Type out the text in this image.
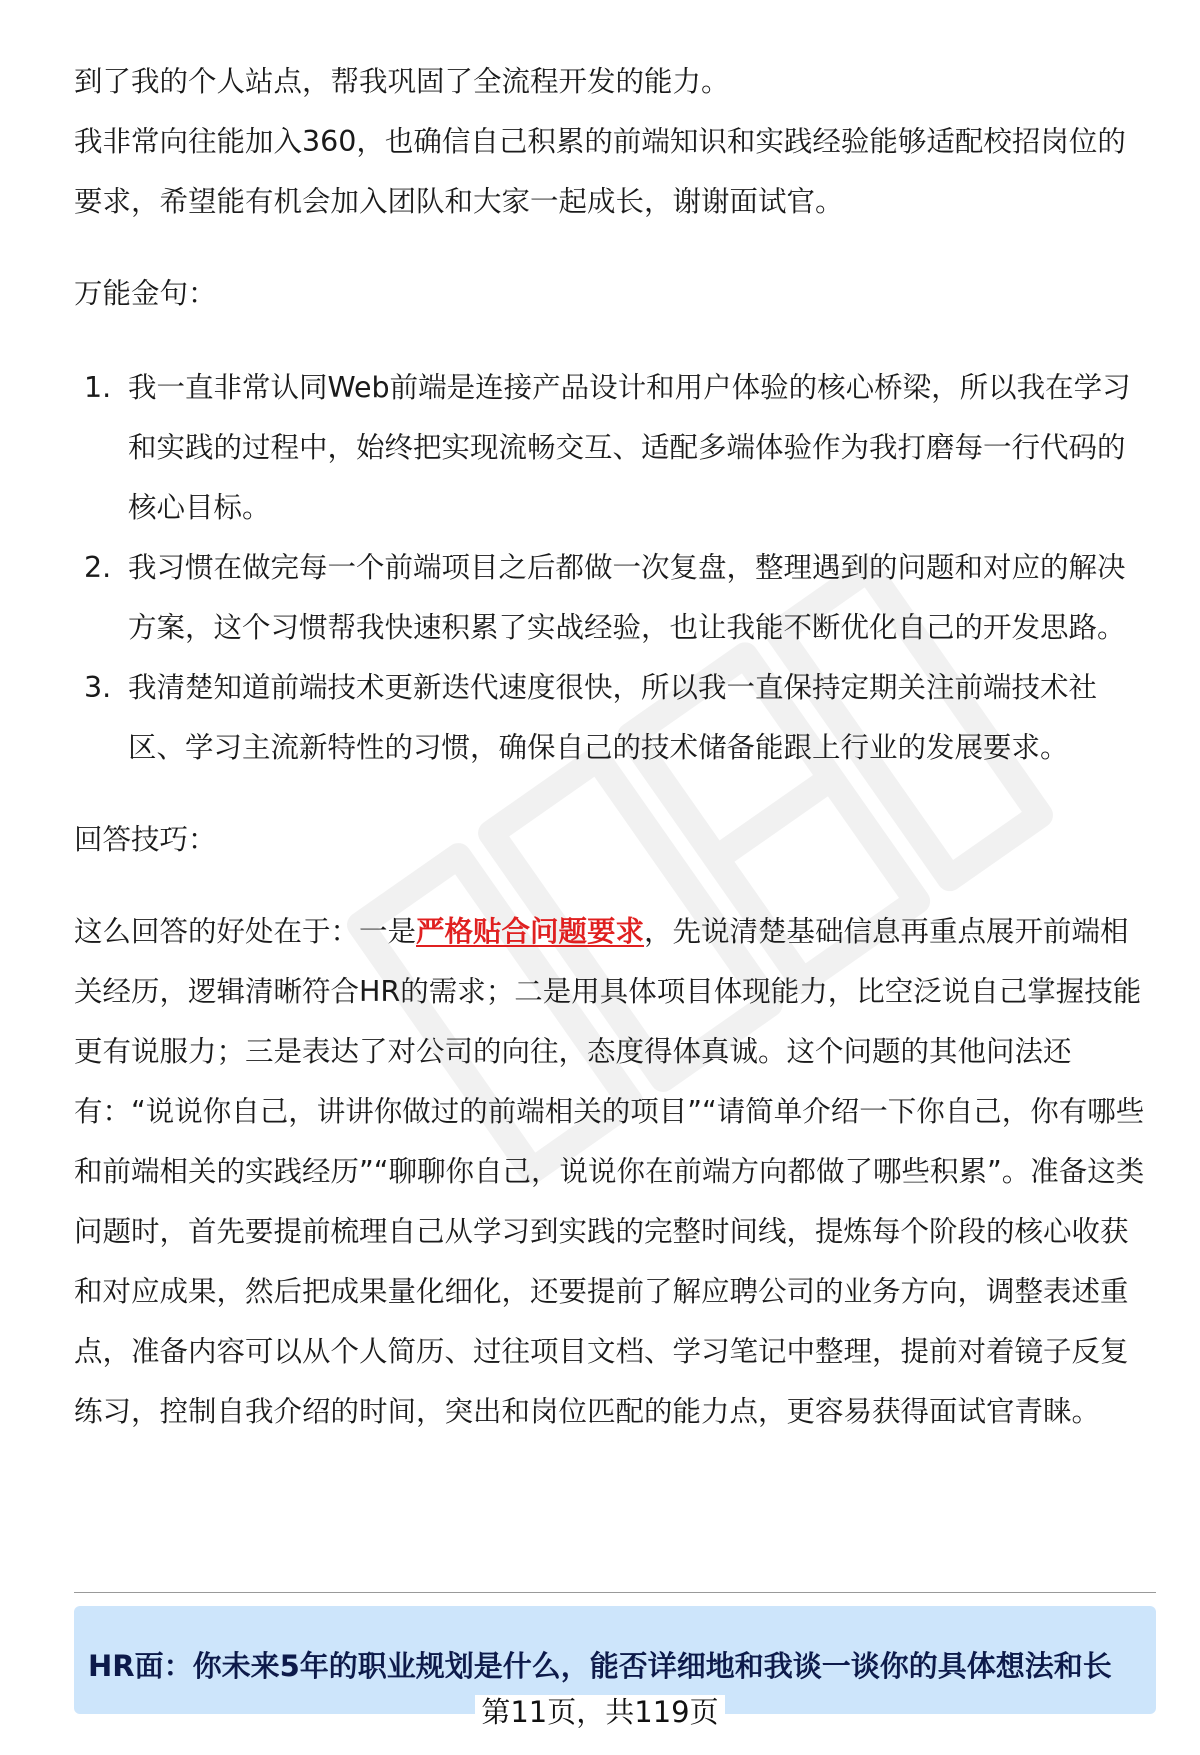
到了我的个人站点，帮我巩固了全流程开发的能力。

我非常向往能加入360，也确信自己积累的前端知识和实践经验能够适配校招岗位的要求，希望能有机会加入团队和大家一起成长，谢谢面试官。

万能金句：

1. 我一直非常认同Web前端是连接产品设计和用户体验的核心桥梁，所以我在学习和实践的过程中，始终把实现流畅交互、适配多端体验作为我打磨每一行代码的核心目标。
2. 我习惯在做完每一个前端项目之后都做一次复盘，整理遇到的问题和对应的解决方案，这个习惯帮我快速积累了实战经验，也让我能不断优化自己的开发思路。
3. 我清楚知道前端技术更新迭代速度很快，所以我一直保持定期关注前端技术社区、学习主流新特性的习惯，确保自己的技术储备能跟上行业的发展要求。

回答技巧：

这么回答的好处在于：一是严格贴合问题要求，先说清楚基础信息再重点展开前端相关经历，逻辑清晰符合HR的需求；二是用具体项目体现能力，比空泛说自己掌握技能更有说服力；三是表达了对公司的向往，态度得体真诚。这个问题的其他问法还有：“说说你自己，讲讲你做过的前端相关的项目”“请简单介绍一下你自己，你有哪些和前端相关的实践经历”“聊聊你自己，说说你在前端方向都做了哪些积累”。准备这类问题时，首先要提前梳理自己从学习到实践的完整时间线，提炼每个阶段的核心收获和对应成果，然后把成果量化细化，还要提前了解应聘公司的业务方向，调整表述重点，准备内容可以从个人简历、过往项目文档、学习笔记中整理，提前对着镜子反复练习，控制自我介绍的时间，突出和岗位匹配的能力点，更容易获得面试官青睐。

HR面：你未来5年的职业规划是什么，能否详细地和我谈一谈你的具体想法和长
第11页，共119页
